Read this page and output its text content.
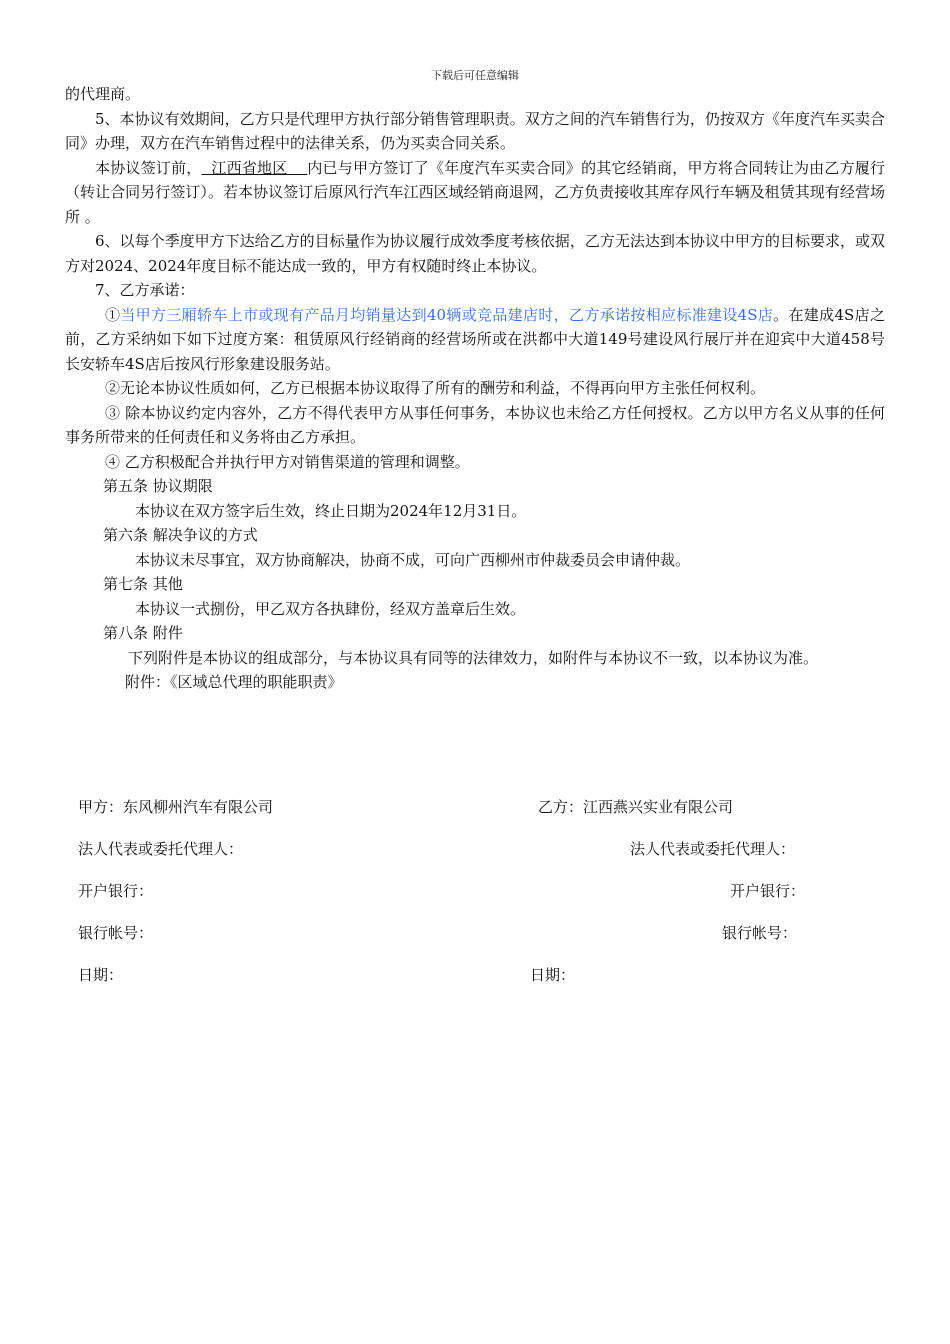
下载后可任意编辑

的代理商。

5、本协议有效期间，乙方只是代理甲方执行部分销售管理职责。双方之间的汽车销售行为，仍按双方《年度汽车买卖合同》办理，双方在汽车销售过程中的法律关系，仍为买卖合同关系。

本协议签订前，  江西省地区    内已与甲方签订了《年度汽车买卖合同》的其它经销商，甲方将合同转让为由乙方履行（转让合同另行签订）。若本协议签订后原风行汽车江西区域经销商退网，乙方负责接收其库存风行车辆及租赁其现有经营场所 。

6、以每个季度甲方下达给乙方的目标量作为协议履行成效季度考核依据，乙方无法达到本协议中甲方的目标要求，或双方对2024、2024年度目标不能达成一致的，甲方有权随时终止本协议。

7、乙方承诺：

①当甲方三厢轿车上市或现有产品月均销量达到40辆或竞品建店时，乙方承诺按相应标准建设4S店。在建成4S店之前，乙方采纳如下如下过度方案：租赁原风行经销商的经营场所或在洪都中大道149号建设风行展厅并在迎宾中大道458号长安轿车4S店后按风行形象建设服务站。

②无论本协议性质如何，乙方已根据本协议取得了所有的酬劳和利益，不得再向甲方主张任何权利。

③ 除本协议约定内容外，乙方不得代表甲方从事任何事务，本协议也未给乙方任何授权。乙方以甲方名义从事的任何事务所带来的任何责任和义务将由乙方承担。

④ 乙方积极配合并执行甲方对销售渠道的管理和调整。

第五条 协议期限

本协议在双方签字后生效，终止日期为2024年12月31日。

第六条 解决争议的方式

本协议未尽事宜，双方协商解决，协商不成，可向广西柳州市仲裁委员会申请仲裁。

第七条 其他

本协议一式捌份，甲乙双方各执肆份，经双方盖章后生效。

第八条 附件

下列附件是本协议的组成部分，与本协议具有同等的法律效力，如附件与本协议不一致，以本协议为准。

附件：《区域总代理的职能职责》

甲方：东风柳州汽车有限公司	乙方：江西燕兴实业有限公司
法人代表或委托代理人：	法人代表或委托代理人：
开户银行：	开户银行：
银行帐号：	银行帐号：
日期：	日期：
